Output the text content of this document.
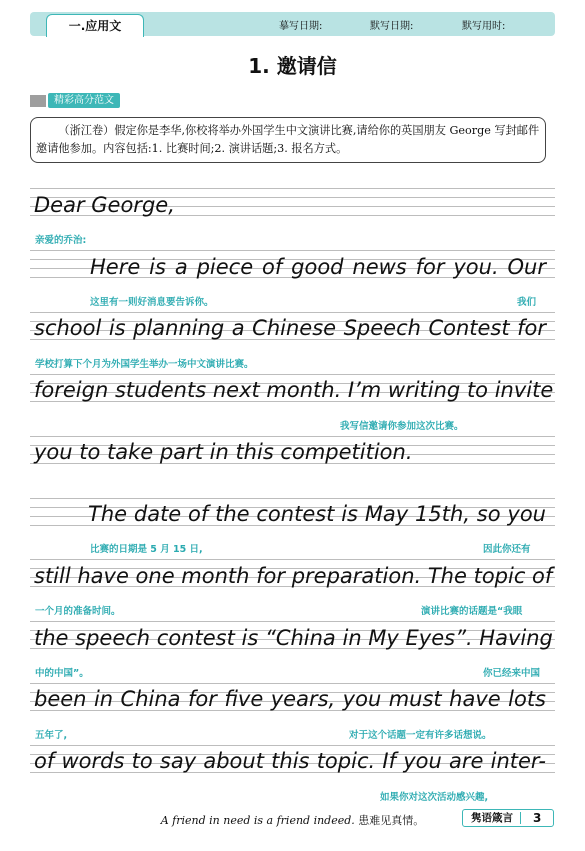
一.应用文	摹写日期:	默写日期:	默写用时:
1. 邀请信
精彩高分范文
（浙江卷）假定你是李华,你校将举办外国学生中文演讲比赛,请给你的英国朋友 George 写封邮件邀请他参加。内容包括:1. 比赛时间;2. 演讲话题;3. 报名方式。
Dear George,
Here is a piece of good news for you. Our
school is planning a Chinese Speech Contest for
foreign students next month. I’m writing to invite
you to take part in this competition.
The date of the contest is May 15th, so you
still have one month for preparation. The topic of
the speech contest is “China in My Eyes”. Having
been in China for five years, you must have lots
of words to say about this topic. If you are inter-
亲爱的乔治:
这里有一则好消息要告诉你。	我们
学校打算下个月为外国学生举办一场中文演讲比赛。
我写信邀请你参加这次比赛。
比赛的日期是 5 月 15 日,	因此你还有
一个月的准备时间。	演讲比赛的话题是“我眼
中的中国”。	你已经来中国
五年了,	对于这个话题一定有许多话想说。
如果你对这次活动感兴趣,
A friend in need is a friend indeed. 患难见真情。	隽语箴言 3
